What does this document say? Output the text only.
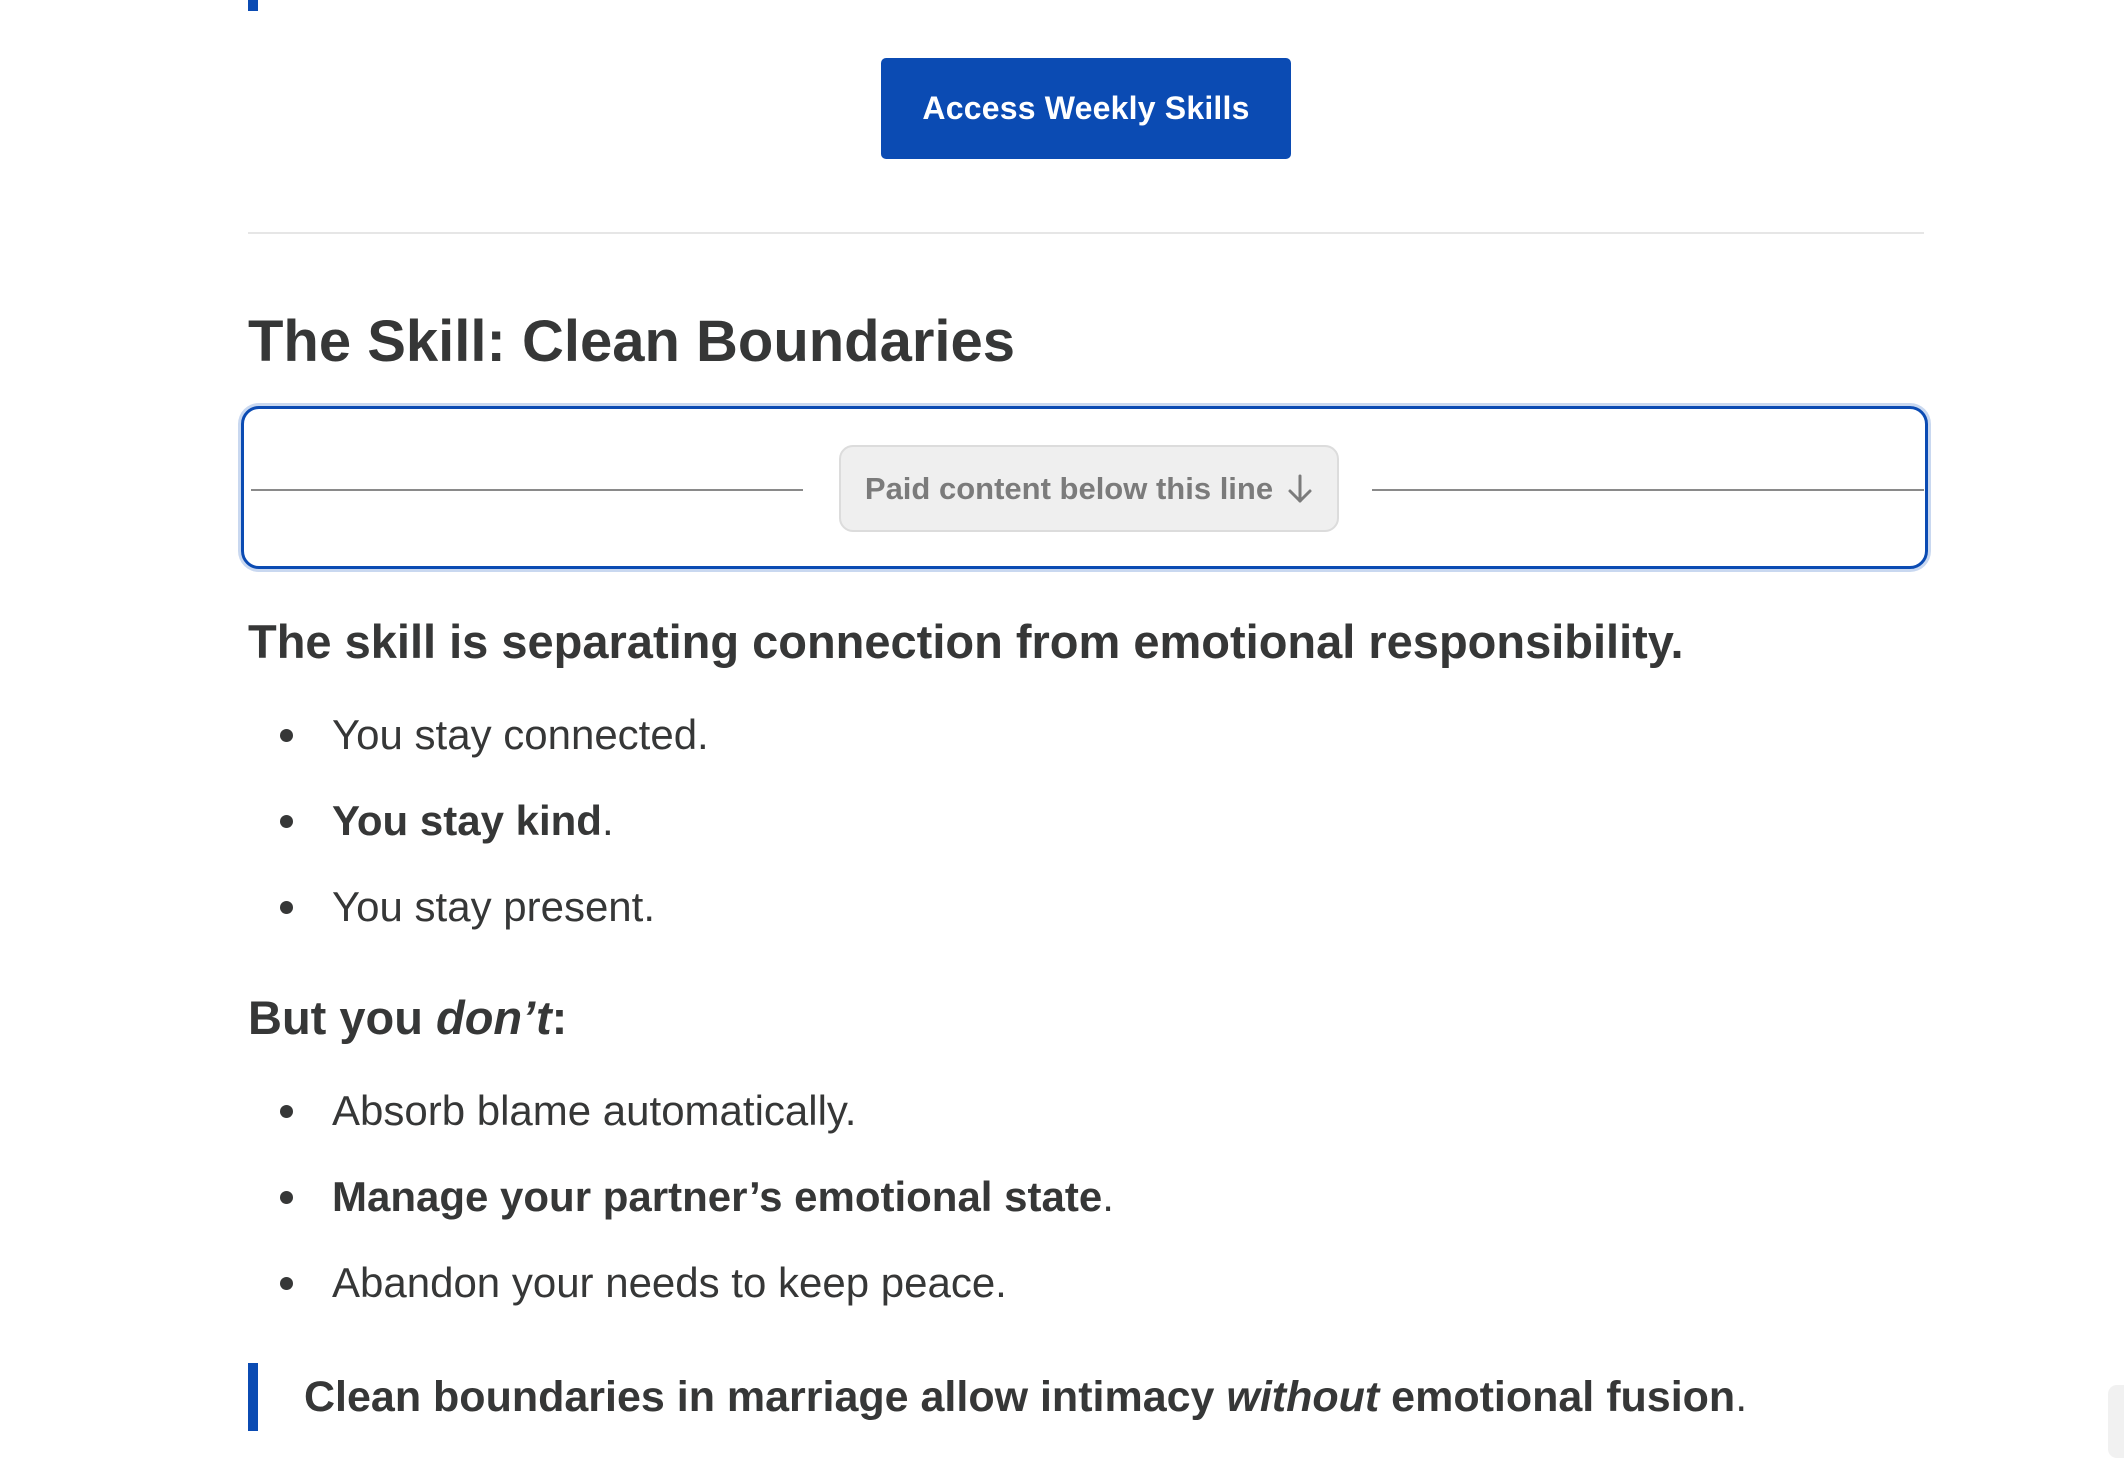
Access Weekly Skills
The Skill: Clean Boundaries
Paid content below this line

The skill is separating connection from emotional responsibility.

You stay connected.
You stay kind.
You stay present.

But you don’t:

Absorb blame automatically.
Manage your partner’s emotional state.
Abandon your needs to keep peace.
Clean boundaries in marriage allow intimacy without emotional fusion.
